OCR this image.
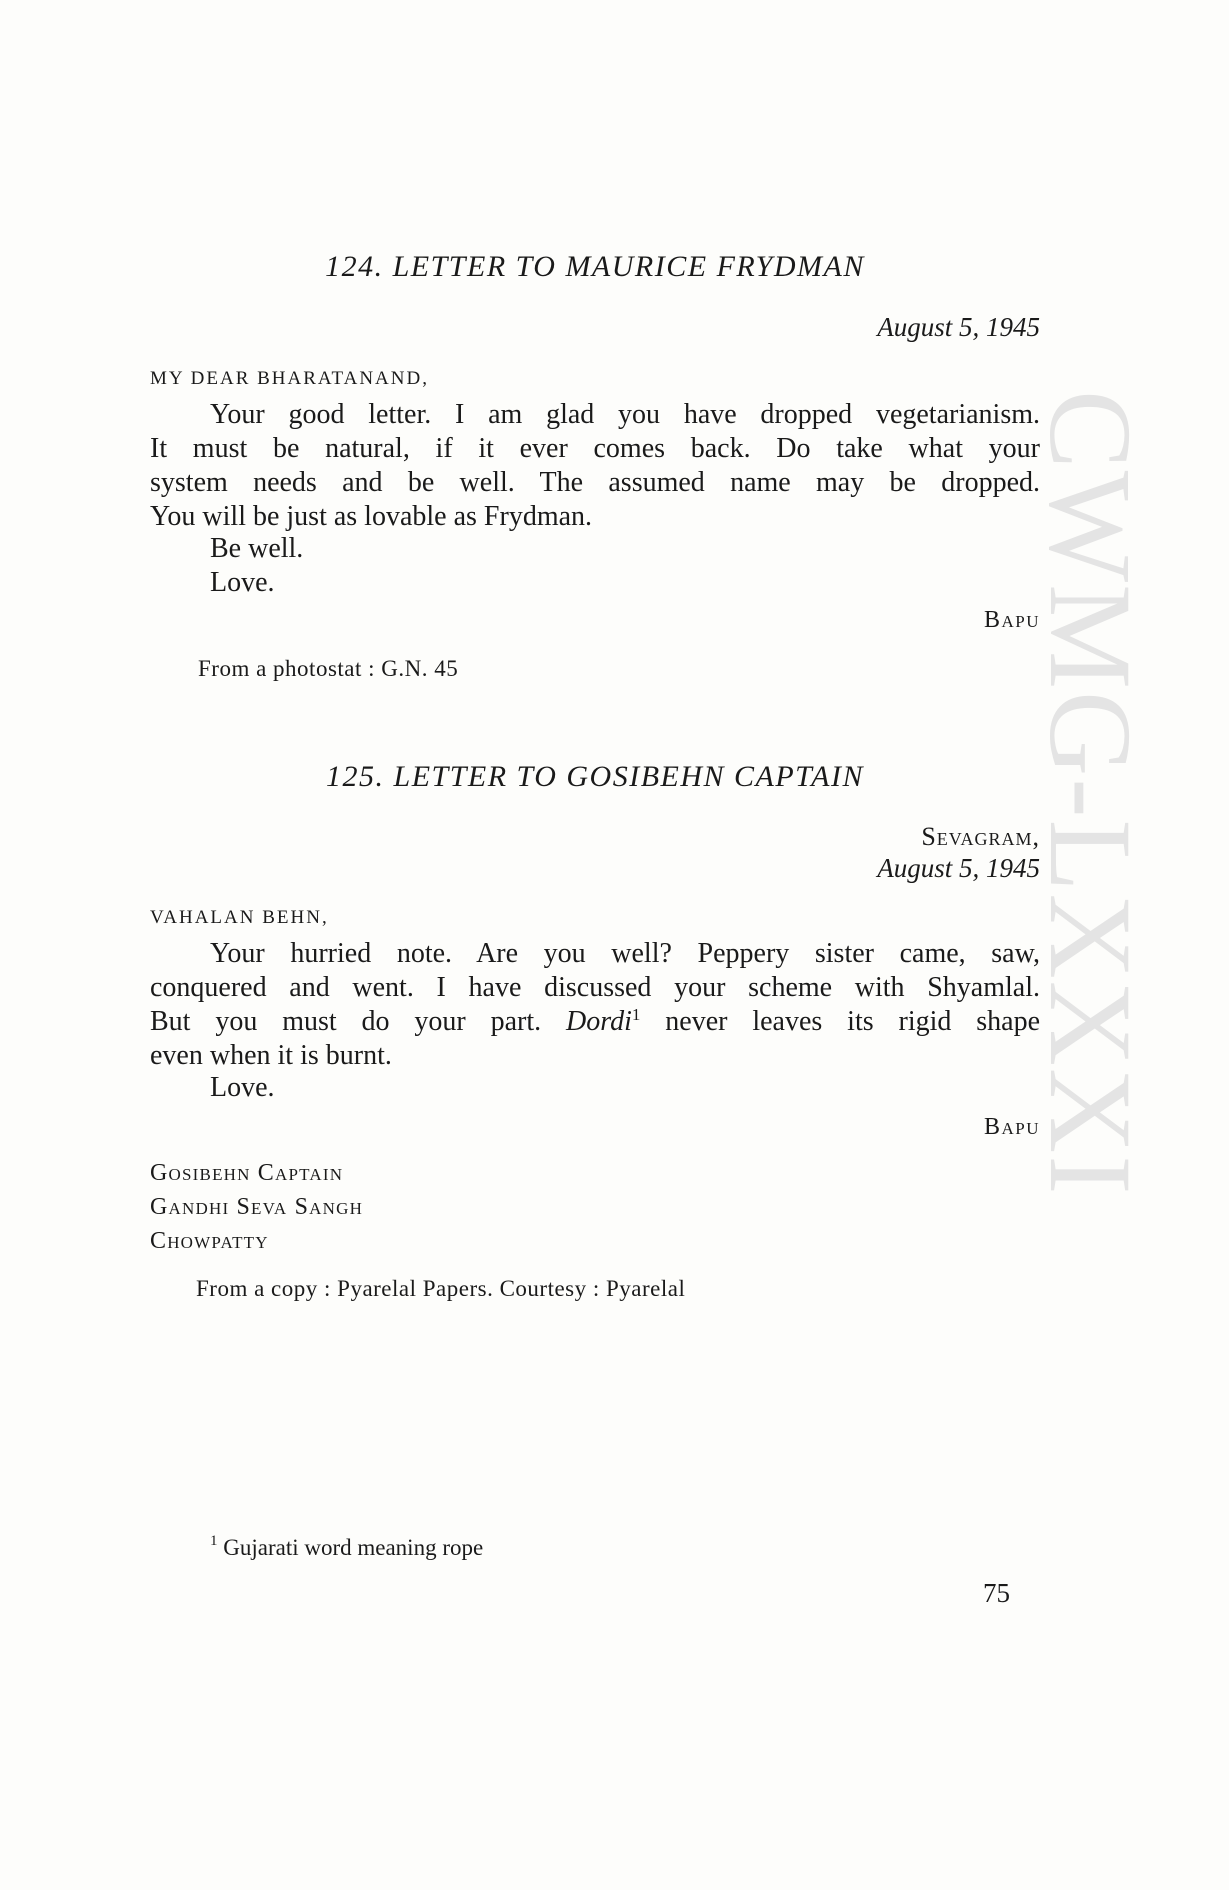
CWMG-LXXXI
124. LETTER TO MAURICE FRYDMAN
August 5, 1945
MY DEAR BHARATANAND,
Your good letter. I am glad you have dropped vegetarianism.
It must be natural, if it ever comes back. Do take what your
system needs and be well. The assumed name may be dropped.
You will be just as lovable as Frydman.
Be well.
Love.
Bapu
From a photostat : G.N. 45
125. LETTER TO GOSIBEHN CAPTAIN
Sevagram,
August 5, 1945
VAHALAN BEHN,
Your hurried note. Are you well? Peppery sister came, saw,
conquered and went. I have discussed your scheme with Shyamlal.
But you must do your part. Dordi$^1$ never leaves its rigid shape
even when it is burnt.
Love.
Bapu
Gosibehn Captain
Gandhi Seva Sangh
Chowpatty
From a copy : Pyarelal Papers. Courtesy : Pyarelal
$^1$ Gujarati word meaning rope
75
